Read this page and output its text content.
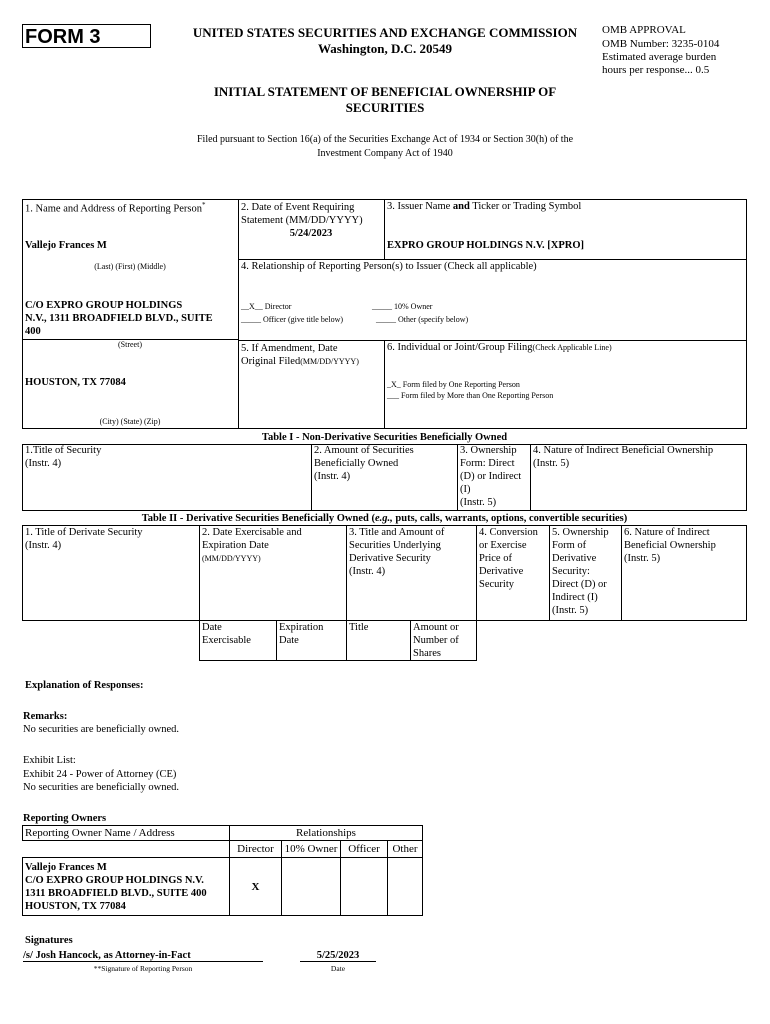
FORM 3	UNITED STATES SECURITIES AND EXCHANGE COMMISSION
Washington, D.C. 20549
OMB APPROVAL
OMB Number: 3235-0104
Estimated average burden
hours per response... 0.5
INITIAL STATEMENT OF BENEFICIAL OWNERSHIP OF
SECURITIES
Filed pursuant to Section 16(a) of the Securities Exchange Act of 1934 or Section 30(h) of the
Investment Company Act of 1940
1. Name and Address of Reporting Person*
Vallejo Frances M
(Last) (First) (Middle)
C/O EXPRO GROUP HOLDINGS
N.V., 1311 BROADFIELD BLVD., SUITE
400
(Street)
HOUSTON, TX 77084
(City) (State) (Zip)
2. Date of Event Requiring
Statement (MM/DD/YYYY)
5/24/2023
3. Issuer Name and Ticker or Trading Symbol
EXPRO GROUP HOLDINGS N.V. [XPRO]
4. Relationship of Reporting Person(s) to Issuer (Check all applicable)
__X__ Director	_____ 10% Owner
_____ Officer (give title below)	_____ Other (specify below)
5. If Amendment, Date
Original Filed(MM/DD/YYYY)
6. Individual or Joint/Group Filing(Check Applicable Line)
_X_ Form filed by One Reporting Person
___ Form filed by More than One Reporting Person
Table I - Non-Derivative Securities Beneficially Owned
1.Title of Security
(Instr. 4)
2. Amount of Securities
Beneficially Owned
(Instr. 4)
3. Ownership
Form: Direct
(D) or Indirect
(I)
(Instr. 5)
4. Nature of Indirect Beneficial Ownership
(Instr. 5)
Table II - Derivative Securities Beneficially Owned (e.g., puts, calls, warrants, options, convertible securities)
1. Title of Derivate Security
(Instr. 4)
2. Date Exercisable and
Expiration Date
(MM/DD/YYYY)
3. Title and Amount of
Securities Underlying
Derivative Security
(Instr. 4)
4. Conversion
or Exercise
Price of
Derivative
Security
5. Ownership
Form of
Derivative
Security:
Direct (D) or
Indirect (I)
(Instr. 5)
6. Nature of Indirect
Beneficial Ownership
(Instr. 5)
Date
Exercisable
Expiration
Date
Title	Amount or
Number of
Shares
Explanation of Responses:
Remarks:
No securities are beneficially owned.
Exhibit List:
Exhibit 24 - Power of Attorney (CE)
No securities are beneficially owned.
Reporting Owners
Reporting Owner Name / Address	Relationships			
	Director	10% Owner	Officer	Other
Vallejo Frances M
C/O EXPRO GROUP HOLDINGS N.V.
1311 BROADFIELD BLVD., SUITE 400
HOUSTON, TX 77084	X			
Signatures
/s/ Josh Hancock, as Attorney-in-Fact	5/25/2023
**Signature of Reporting Person	Date
